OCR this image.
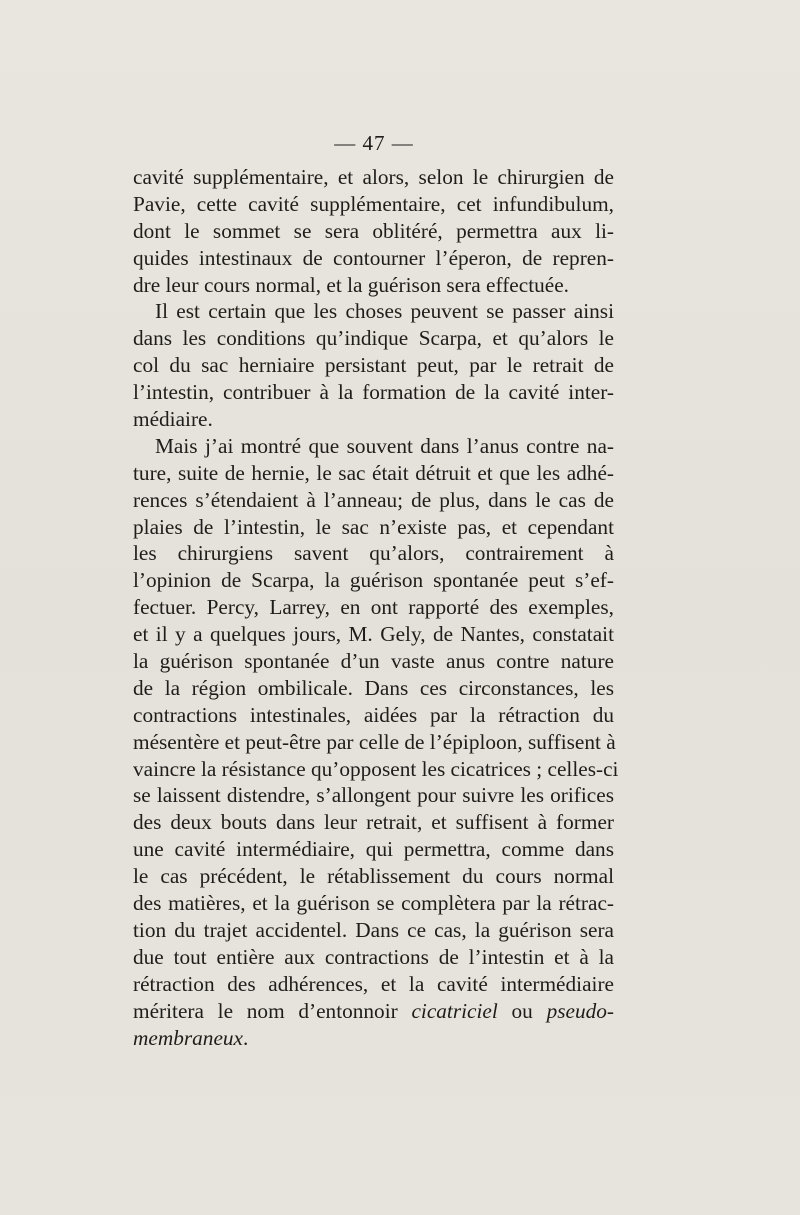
— 47 —
cavité supplémentaire, et alors, selon le chirurgien de
Pavie, cette cavité supplémentaire, cet infundibulum,
dont le sommet se sera oblitéré, permettra aux li-
quides intestinaux de contourner l’éperon, de repren-
dre leur cours normal, et la guérison sera effectuée.
Il est certain que les choses peuvent se passer ainsi
dans les conditions qu’indique Scarpa, et qu’alors le
col du sac herniaire persistant peut, par le retrait de
l’intestin, contribuer à la formation de la cavité inter-
médiaire.
Mais j’ai montré que souvent dans l’anus contre na-
ture, suite de hernie, le sac était détruit et que les adhé-
rences s’étendaient à l’anneau; de plus, dans le cas de
plaies de l’intestin, le sac n’existe pas, et cependant
les chirurgiens savent qu’alors, contrairement à
l’opinion de Scarpa, la guérison spontanée peut s’ef-
fectuer. Percy, Larrey, en ont rapporté des exemples,
et il y a quelques jours, M. Gely, de Nantes, constatait
la guérison spontanée d’un vaste anus contre nature
de la région ombilicale. Dans ces circonstances, les
contractions intestinales, aidées par la rétraction du
mésentère et peut-être par celle de l’épiploon, suffisent à
vaincre la résistance qu’opposent les cicatrices ; celles-ci
se laissent distendre, s’allongent pour suivre les orifices
des deux bouts dans leur retrait, et suffisent à former
une cavité intermédiaire, qui permettra, comme dans
le cas précédent, le rétablissement du cours normal
des matières, et la guérison se complètera par la rétrac-
tion du trajet accidentel. Dans ce cas, la guérison sera
due tout entière aux contractions de l’intestin et à la
rétraction des adhérences, et la cavité intermédiaire
méritera le nom d’entonnoir cicatriciel ou pseudo-
membraneux.
